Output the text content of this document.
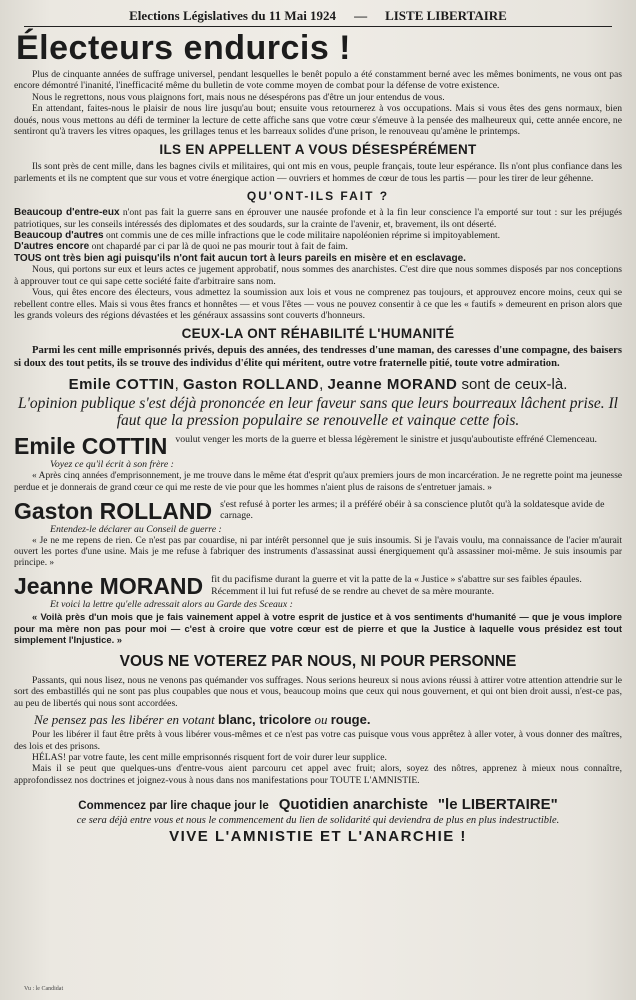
Elections Législatives du 11 Mai 1924 — LISTE LIBERTAIRE
Électeurs endurcis !

Plus de cinquante années de suffrage universel, pendant lesquelles le benêt populo a été constamment berné avec les mêmes boniments, ne vous ont pas encore démontré l'inanité, l'inefficacité même du bulletin de vote comme moyen de combat pour la défense de votre existence.

Nous le regrettons, nous vous plaignons fort, mais nous ne désespérons pas d'être un jour entendus de vous.

En attendant, faites-nous le plaisir de nous lire jusqu'au bout; ensuite vous retournerez à vos occupations. Mais si vous êtes des gens normaux, bien doués, nous vous mettons au défi de terminer la lecture de cette affiche sans que votre cœur s'émeuve à la pensée des malheureux qui, cette année encore, ne sentiront qu'à travers les vitres opaques, les grillages tenus et les barreaux solides d'une prison, le renouveau qu'amène le printemps.

ILS EN APPELLENT A VOUS DÉSESPÉRÉMENT

Ils sont près de cent mille, dans les bagnes civils et militaires, qui ont mis en vous, peuple français, toute leur espérance. Ils n'ont plus confiance dans les parlements et ils ne comptent que sur vous et votre énergique action — ouvriers et hommes de cœur de tous les partis — pour les tirer de leur géhenne.

QU'ONT-ILS FAIT ?

Beaucoup d'entre-eux n'ont pas fait la guerre sans en éprouver une nausée profonde et à la fin leur conscience l'a emporté sur tout : sur les préjugés patriotiques, sur les conseils intéressés des diplomates et des soudards, sur la crainte de l'avenir, et, bravement, ils ont déserté.

Beaucoup d'autres ont commis une de ces mille infractions que le code militaire napoléonien réprime si impitoyablement.

D'autres encore ont chapardé par ci par là de quoi ne pas mourir tout à fait de faim.

TOUS ont très bien agi puisqu'ils n'ont fait aucun tort à leurs pareils en misère et en esclavage.

Nous, qui portons sur eux et leurs actes ce jugement approbatif, nous sommes des anarchistes. C'est dire que nous sommes disposés par nos conceptions à approuver tout ce qui sape cette société faite d'arbitraire sans nom.

Vous, qui êtes encore des électeurs, vous admettez la soumission aux lois et vous ne comprenez pas toujours, et approuvez encore moins, ceux qui se rebellent contre elles. Mais si vous êtes francs et honnêtes — et vous l'êtes — vous ne pouvez consentir à ce que les « fautifs » demeurent en prison alors que les grands voleurs des régions dévastées et les généraux assassins sont couverts d'honneurs.

CEUX-LA ONT RÉHABILITÉ L'HUMANITÉ

Parmi les cent mille emprisonnés privés, depuis des années, des tendresses d'une maman, des caresses d'une compagne, des baisers si doux des tout petits, ils se trouve des individus d'élite qui méritent, outre votre fraternelle pitié, toute votre admiration.

Emile COTTIN, Gaston ROLLAND, Jeanne MORAND sont de ceux-là.
L'opinion publique s'est déjà prononcée en leur faveur sans que leurs bourreaux lâchent prise. Il faut que la pression populaire se renouvelle et vainque cette fois.
Emile COTTIN voulut venger les morts de la guerre et blessa légèrement le sinistre et jusqu'auboutiste effréné Clemenceau.
Voyez ce qu'il écrit à son frère :

« Après cinq années d'emprisonnement, je me trouve dans le même état d'esprit qu'aux premiers jours de mon incarcération. Je ne regrette point ma jeunesse perdue et je donnerais de grand cœur ce qui me reste de vie pour que les hommes n'aient plus de raisons de s'entretuer jamais. »

Gaston ROLLAND s'est refusé à porter les armes; il a préféré obéir à sa conscience plutôt qu'à la soldatesque avide de carnage.
Entendez-le déclarer au Conseil de guerre :

« Je ne me repens de rien. Ce n'est pas par couardise, ni par intérêt personnel que je suis insoumis. Si je l'avais voulu, ma connaissance de l'acier m'aurait ouvert les portes d'une usine. Mais je me refuse à fabriquer des instruments d'assassinat aussi énergiquement qu'à assassiner moi-même. Je suis insoumis par principe. »

Jeanne MORAND fit du pacifisme durant la guerre et vit la patte de la « Justice » s'abattre sur ses faibles épaules. Récemment il lui fut refusé de se rendre au chevet de sa mère mourante.
Et voici la lettre qu'elle adressait alors au Garde des Sceaux :

« Voilà près d'un mois que je fais vainement appel à votre esprit de justice et à vos sentiments d'humanité — que je vous implore pour ma mère non pas pour moi — c'est à croire que votre cœur est de pierre et que la Justice à laquelle vous présidez est tout simplement l'Injustice. »

VOUS NE VOTEREZ PAR NOUS, NI POUR PERSONNE

Passants, qui nous lisez, nous ne venons pas quémander vos suffrages. Nous serions heureux si nous avions réussi à attirer votre attention attendrie sur le sort des embastillés qui ne sont pas plus coupables que nous et vous, beaucoup moins que ceux qui nous gouvernent, et qui ont bien droit aussi, n'est-ce pas, au peu de libertés qui nous sont accordées.

Ne pensez pas les libérer en votant blanc, tricolore ou rouge.

Pour les libérer il faut être prêts à vous libérer vous-mêmes et ce n'est pas votre cas puisque vous vous apprêtez à aller voter, à vous donner des maîtres, des lois et des prisons.

HÉLAS! par votre faute, les cent mille emprisonnés risquent fort de voir durer leur supplice.

Mais il se peut que quelques-uns d'entre-vous aient parcouru cet appel avec fruit; alors, soyez des nôtres, apprenez à mieux nous connaître, approfondissez nos doctrines et joignez-vous à nous dans nos manifestations pour TOUTE L'AMNISTIE.

Commencez par lire chaque jour le Quotidien anarchiste "le LIBERTAIRE"
ce sera déjà entre vous et nous le commencement du lien de solidarité qui deviendra de plus en plus indestructible.
VIVE L'AMNISTIE ET L'ANARCHIE !
Vu : le Candidat
